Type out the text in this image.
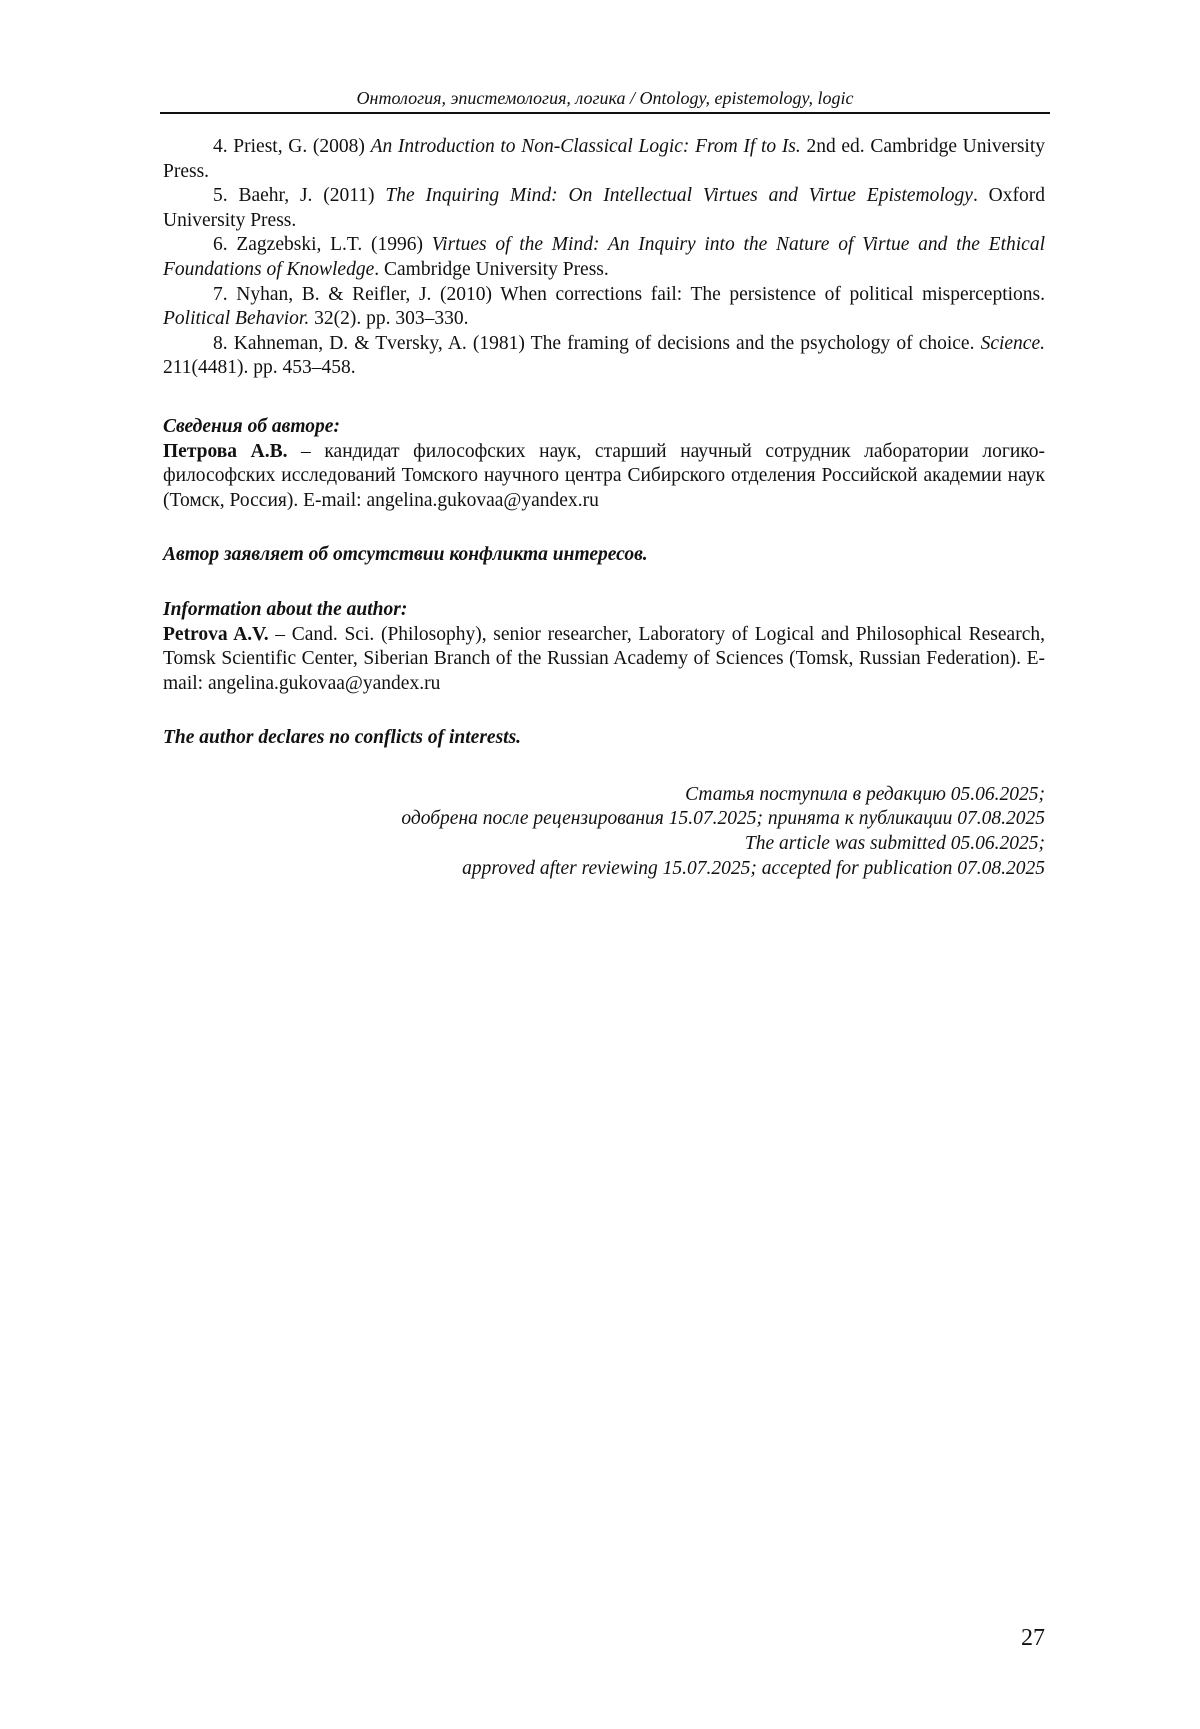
Онтология, эпистемология, логика / Ontology, epistemology, logic

4. Priest, G. (2008) An Introduction to Non-Classical Logic: From If to Is. 2nd ed. Cambridge University Press.

5. Baehr, J. (2011) The Inquiring Mind: On Intellectual Virtues and Virtue Epistemology. Oxford University Press.

6. Zagzebski, L.T. (1996) Virtues of the Mind: An Inquiry into the Nature of Virtue and the Ethical Foundations of Knowledge. Cambridge University Press.

7. Nyhan, B. & Reifler, J. (2010) When corrections fail: The persistence of political misperceptions. Political Behavior. 32(2). pp. 303–330.

8. Kahneman, D. & Tversky, A. (1981) The framing of decisions and the psychology of choice. Science. 211(4481). pp. 453–458.

Сведения об авторе:

Петрова А.В. – кандидат философских наук, старший научный сотрудник лаборатории логико-философских исследований Томского научного центра Сибирского отделения Российской академии наук (Томск, Россия). E-mail: angelina.gukovaa@yandex.ru

Автор заявляет об отсутствии конфликта интересов.

Information about the author:

Petrova A.V. – Cand. Sci. (Philosophy), senior researcher, Laboratory of Logical and Philosophical Research, Tomsk Scientific Center, Siberian Branch of the Russian Academy of Sciences (Tomsk, Russian Federation). E-mail: angelina.gukovaa@yandex.ru

The author declares no conflicts of interests.

Статья поступила в редакцию 05.06.2025;
одобрена после рецензирования 15.07.2025; принята к публикации 07.08.2025
The article was submitted 05.06.2025;
approved after reviewing 15.07.2025; accepted for publication 07.08.2025
27
